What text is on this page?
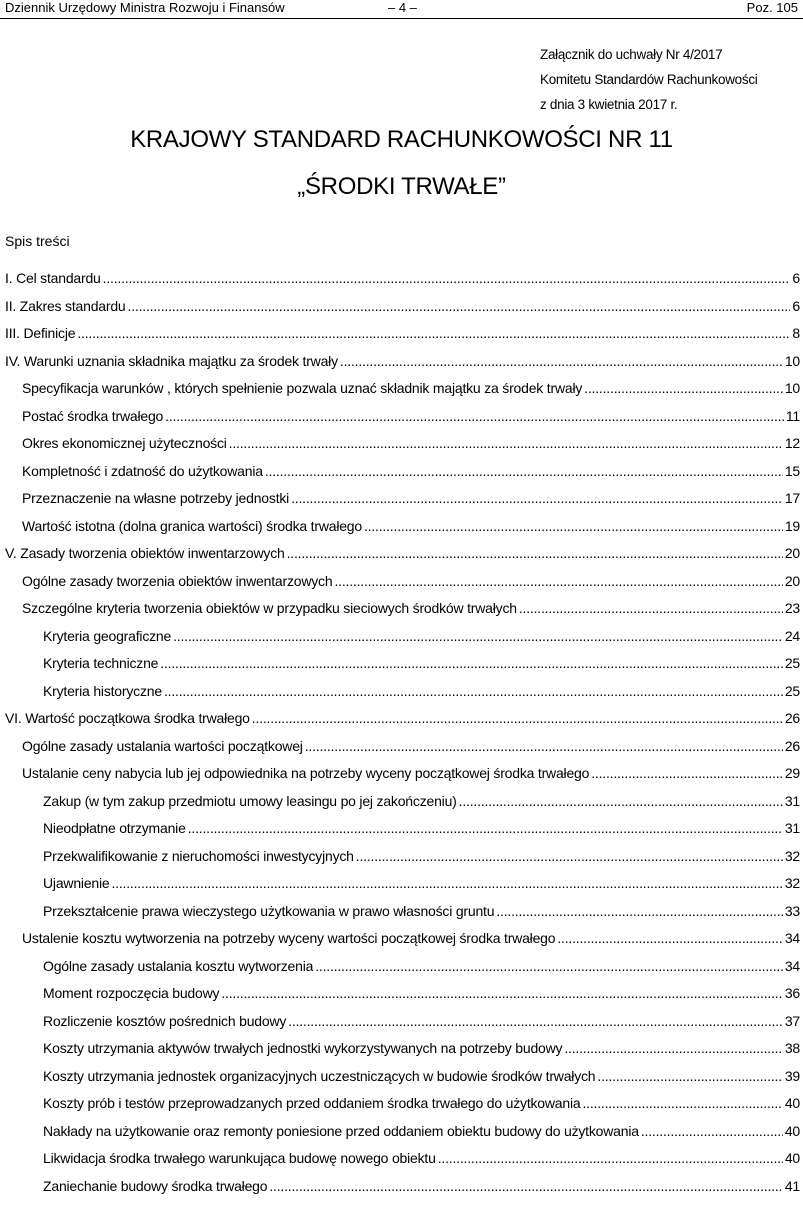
Dziennik Urzędowy Ministra Rozwoju i Finansów	– 4 –	Poz. 105
Załącznik do uchwały Nr 4/2017
Komitetu Standardów Rachunkowości
z dnia 3 kwietnia 2017 r.
KRAJOWY STANDARD RACHUNKOWOŚCI NR 11
„ŚRODKI TRWAŁE”
Spis treści
I. Cel standardu .....	6
II. Zakres standardu .....	6
III. Definicje .....	8
IV. Warunki uznania składnika majątku za środek trwały .....	10
Specyfikacja warunków , których spełnienie pozwala uznać składnik majątku za środek trwały .....	10
Postać środka trwałego .....	11
Okres ekonomicznej użyteczności .....	12
Kompletność i zdatność do użytkowania .....	15
Przeznaczenie na własne potrzeby jednostki .....	17
Wartość istotna (dolna granica wartości) środka trwałego .....	19
V. Zasady tworzenia obiektów inwentarzowych .....	20
Ogólne zasady tworzenia obiektów inwentarzowych .....	20
Szczególne kryteria tworzenia obiektów w przypadku sieciowych środków trwałych .....	23
Kryteria geograficzne .....	24
Kryteria techniczne .....	25
Kryteria historyczne .....	25
VI. Wartość początkowa środka trwałego .....	26
Ogólne zasady ustalania wartości początkowej .....	26
Ustalanie ceny nabycia lub jej odpowiednika na potrzeby wyceny początkowej środka trwałego .....	29
Zakup (w tym zakup przedmiotu umowy leasingu po jej zakończeniu) .....	31
Nieodpłatne otrzymanie .....	31
Przekwalifikowanie z nieruchomości inwestycyjnych .....	32
Ujawnienie .....	32
Przekształcenie prawa wieczystego użytkowania w prawo własności gruntu .....	33
Ustalenie kosztu wytworzenia na potrzeby wyceny wartości początkowej środka trwałego .....	34
Ogólne zasady ustalania kosztu wytworzenia .....	34
Moment rozpoczęcia budowy .....	36
Rozliczenie kosztów pośrednich budowy .....	37
Koszty utrzymania aktywów trwałych jednostki wykorzystywanych na potrzeby budowy .....	38
Koszty utrzymania jednostek organizacyjnych uczestniczących w budowie środków trwałych .....	39
Koszty prób i testów przeprowadzanych przed oddaniem środka trwałego do użytkowania .....	40
Nakłady na użytkowanie oraz remonty poniesione przed oddaniem obiektu budowy do użytkowania .....	40
Likwidacja środka trwałego warunkująca budowę nowego obiektu .....	40
Zaniechanie budowy środka trwałego .....	41
